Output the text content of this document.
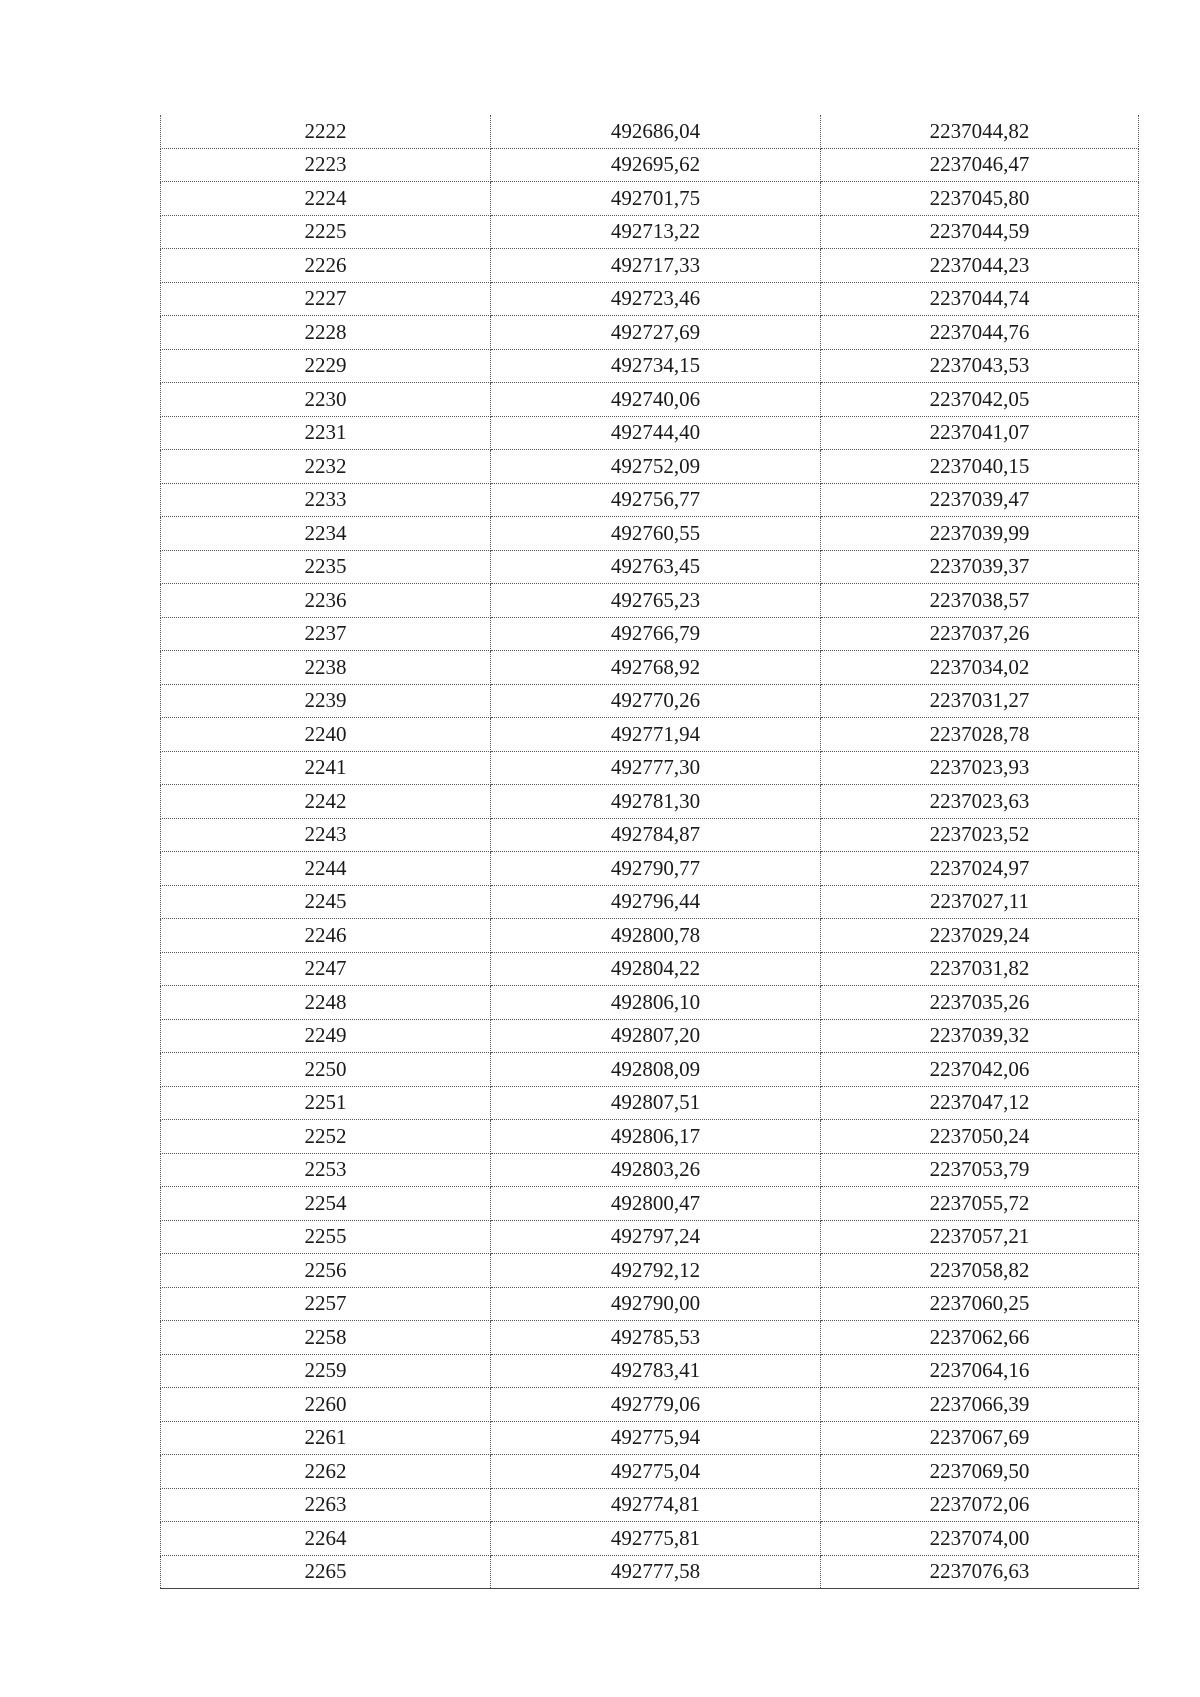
2222	492686,04	2237044,82
2223	492695,62	2237046,47
2224	492701,75	2237045,80
2225	492713,22	2237044,59
2226	492717,33	2237044,23
2227	492723,46	2237044,74
2228	492727,69	2237044,76
2229	492734,15	2237043,53
2230	492740,06	2237042,05
2231	492744,40	2237041,07
2232	492752,09	2237040,15
2233	492756,77	2237039,47
2234	492760,55	2237039,99
2235	492763,45	2237039,37
2236	492765,23	2237038,57
2237	492766,79	2237037,26
2238	492768,92	2237034,02
2239	492770,26	2237031,27
2240	492771,94	2237028,78
2241	492777,30	2237023,93
2242	492781,30	2237023,63
2243	492784,87	2237023,52
2244	492790,77	2237024,97
2245	492796,44	2237027,11
2246	492800,78	2237029,24
2247	492804,22	2237031,82
2248	492806,10	2237035,26
2249	492807,20	2237039,32
2250	492808,09	2237042,06
2251	492807,51	2237047,12
2252	492806,17	2237050,24
2253	492803,26	2237053,79
2254	492800,47	2237055,72
2255	492797,24	2237057,21
2256	492792,12	2237058,82
2257	492790,00	2237060,25
2258	492785,53	2237062,66
2259	492783,41	2237064,16
2260	492779,06	2237066,39
2261	492775,94	2237067,69
2262	492775,04	2237069,50
2263	492774,81	2237072,06
2264	492775,81	2237074,00
2265	492777,58	2237076,63
